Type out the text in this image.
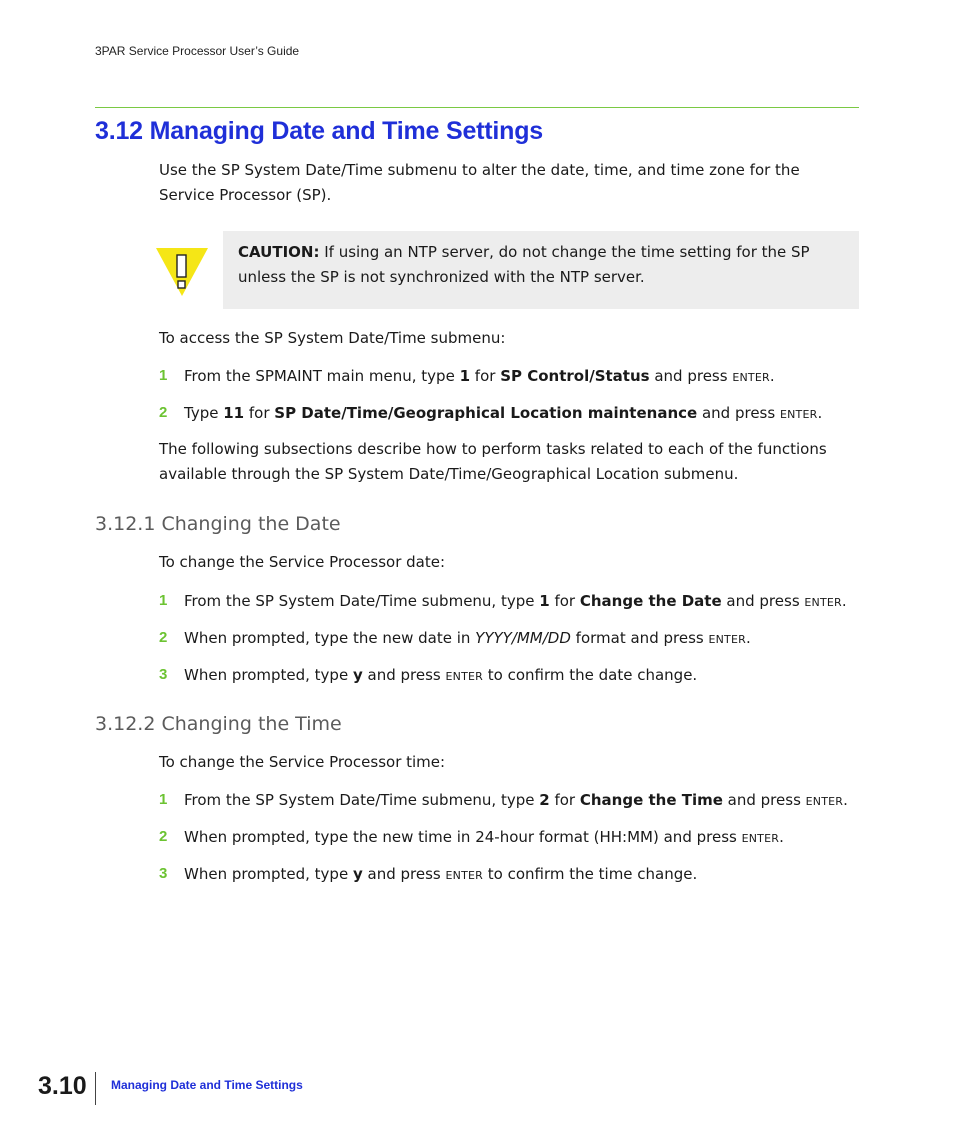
3PAR Service Processor User’s Guide
3.12 Managing Date and Time Settings

Use the SP System Date/Time submenu to alter the date, time, and time zone for the Service Processor (SP).

CAUTION: If using an NTP server, do not change the time setting for the SP unless the SP is not synchronized with the NTP server.

To access the SP System Date/Time submenu:

1 From the SPMAINT main menu, type 1 for SP Control/Status and press ENTER.
2 Type 11 for SP Date/Time/Geographical Location maintenance and press ENTER.

The following subsections describe how to perform tasks related to each of the functions available through the SP System Date/Time/Geographical Location submenu.

3.12.1 Changing the Date

To change the Service Processor date:

1 From the SP System Date/Time submenu, type 1 for Change the Date and press ENTER.
2 When prompted, type the new date in YYYY/MM/DD format and press ENTER.
3 When prompted, type y and press ENTER to confirm the date change.
3.12.2 Changing the Time

To change the Service Processor time:

1 From the SP System Date/Time submenu, type 2 for Change the Time and press ENTER.
2 When prompted, type the new time in 24-hour format (HH:MM) and press ENTER.
3 When prompted, type y and press ENTER to confirm the time change.
3.10 Managing Date and Time Settings
